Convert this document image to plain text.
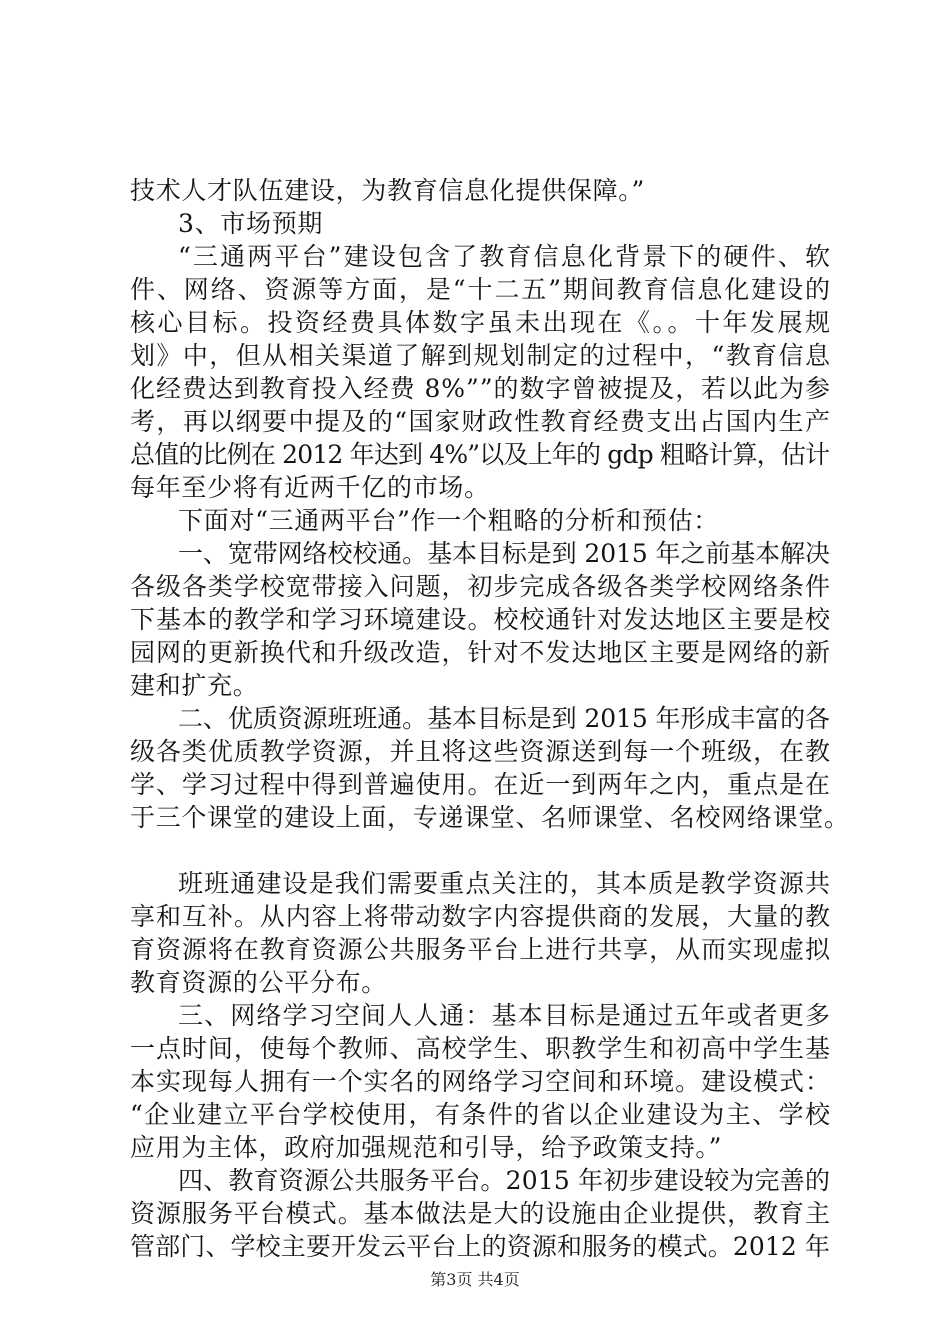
技术人才队伍建设，为教育信息化提供保障。”
3、市场预期
“三通两平台”建设包含了教育信息化背景下的硬件、软
件、网络、资源等方面，是“十二五”期间教育信息化建设的
核心目标。投资经费具体数字虽未出现在《。。十年发展规
划》中，但从相关渠道了解到规划制定的过程中，“教育信息
化经费达到教育投入经费 8%””的数字曾被提及，若以此为参
考，再以纲要中提及的“国家财政性教育经费支出占国内生产
总值的比例在 2012 年达到 4%”以及上年的 gdp 粗略计算，估计
每年至少将有近两千亿的市场。
下面对“三通两平台”作一个粗略的分析和预估：
一、宽带网络校校通。基本目标是到 2015 年之前基本解决
各级各类学校宽带接入问题，初步完成各级各类学校网络条件
下基本的教学和学习环境建设。校校通针对发达地区主要是校
园网的更新换代和升级改造，针对不发达地区主要是网络的新
建和扩充。
二、优质资源班班通。基本目标是到 2015 年形成丰富的各
级各类优质教学资源，并且将这些资源送到每一个班级，在教
学、学习过程中得到普遍使用。在近一到两年之内，重点是在
于三个课堂的建设上面，专递课堂、名师课堂、名校网络课堂。
班班通建设是我们需要重点关注的，其本质是教学资源共
享和互补。从内容上将带动数字内容提供商的发展，大量的教
育资源将在教育资源公共服务平台上进行共享，从而实现虚拟
教育资源的公平分布。
三、网络学习空间人人通：基本目标是通过五年或者更多
一点时间，使每个教师、高校学生、职教学生和初高中学生基
本实现每人拥有一个实名的网络学习空间和环境。建设模式：
“企业建立平台学校使用，有条件的省以企业建设为主、学校
应用为主体，政府加强规范和引导，给予政策支持。”
四、教育资源公共服务平台。2015 年初步建设较为完善的
资源服务平台模式。基本做法是大的设施由企业提供，教育主
管部门、学校主要开发云平台上的资源和服务的模式。2012 年
第3页 共4页
